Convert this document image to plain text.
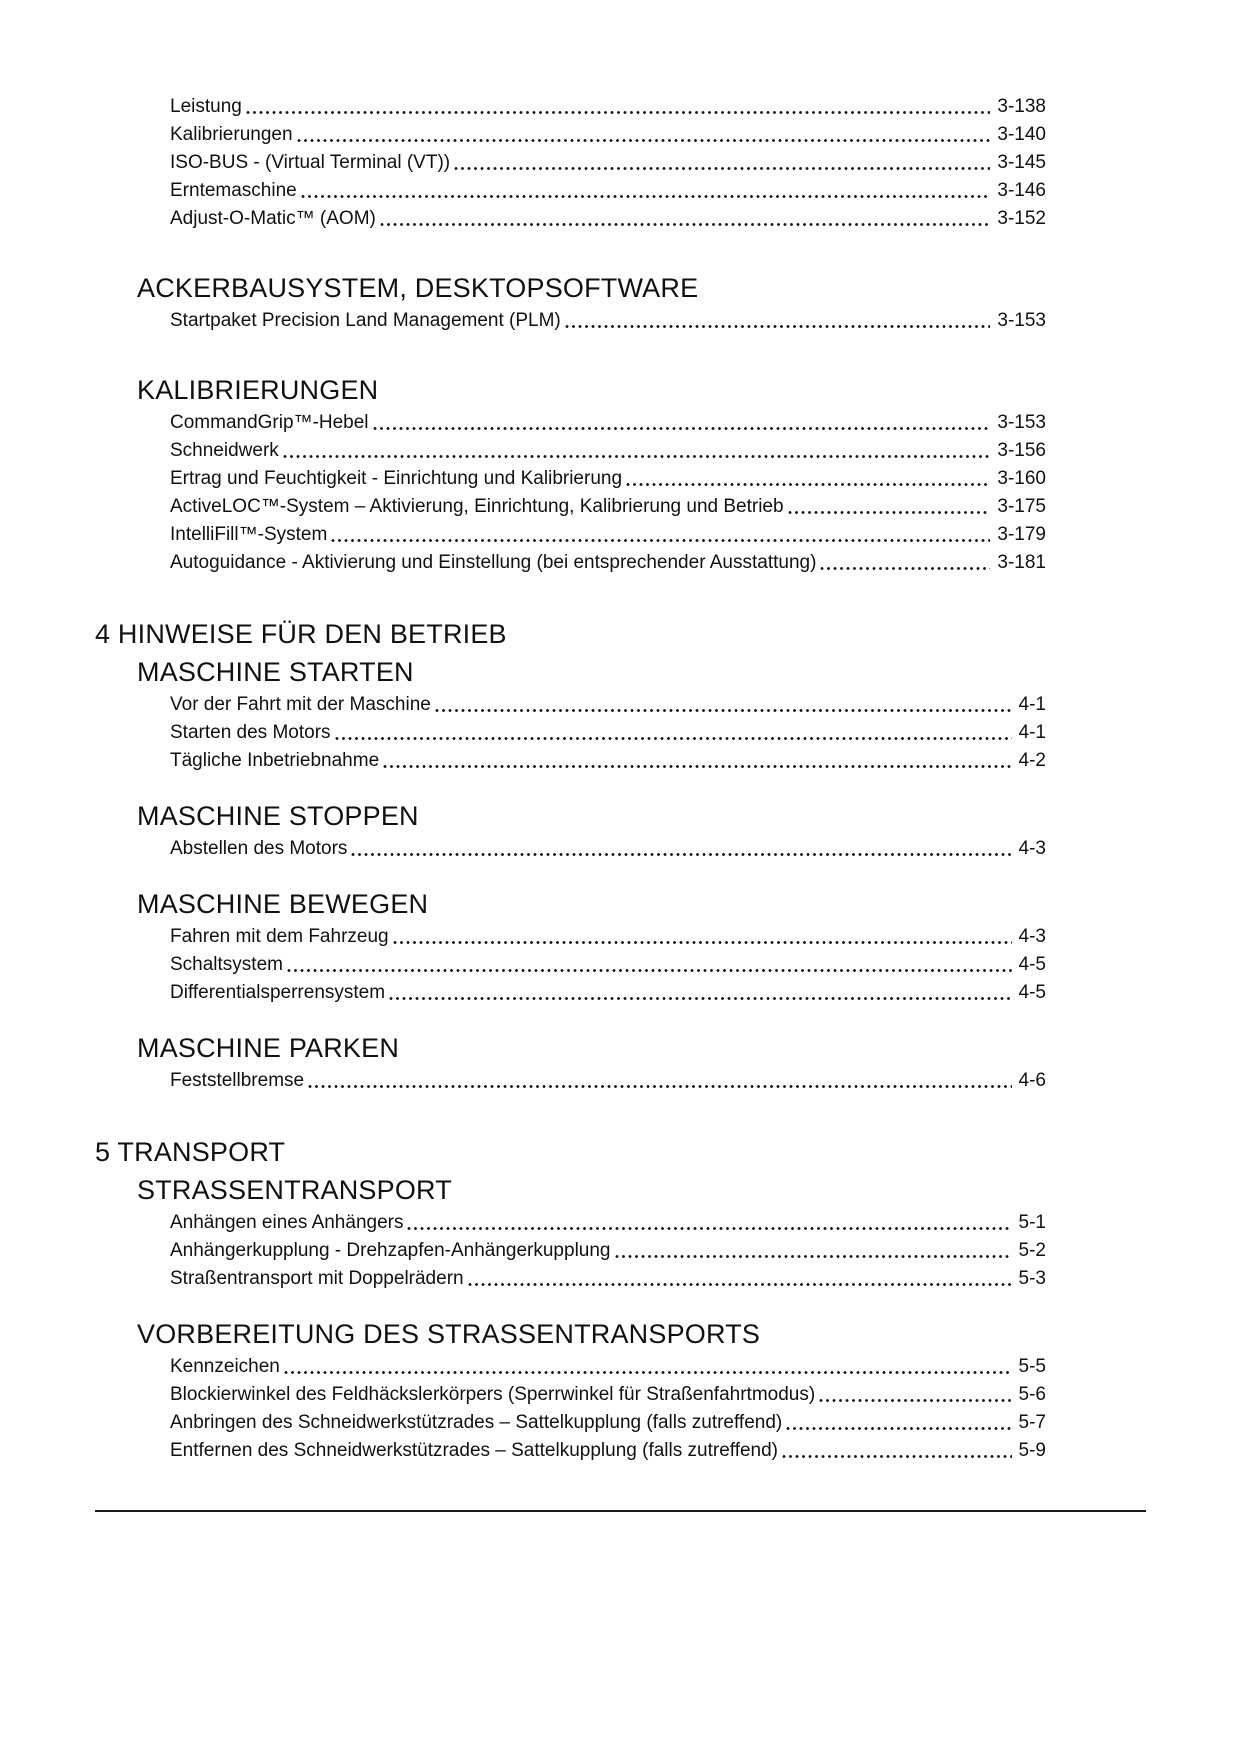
Leistung	3-138
Kalibrierungen	3-140
ISO-BUS - (Virtual Terminal (VT))	3-145
Erntemaschine	3-146
Adjust-O-Matic™ (AOM)	3-152
ACKERBAUSYSTEM, DESKTOPSOFTWARE
Startpaket Precision Land Management (PLM)	3-153
KALIBRIERUNGEN
CommandGrip™-Hebel	3-153
Schneidwerk	3-156
Ertrag und Feuchtigkeit - Einrichtung und Kalibrierung	3-160
ActiveLOC™-System – Aktivierung, Einrichtung, Kalibrierung und Betrieb	3-175
IntelliFill™-System	3-179
Autoguidance - Aktivierung und Einstellung (bei entsprechender Ausstattung)	3-181
4 HINWEISE FÜR DEN BETRIEB
MASCHINE STARTEN
Vor der Fahrt mit der Maschine	4-1
Starten des Motors	4-1
Tägliche Inbetriebnahme	4-2
MASCHINE STOPPEN
Abstellen des Motors	4-3
MASCHINE BEWEGEN
Fahren mit dem Fahrzeug	4-3
Schaltsystem	4-5
Differentialsperrensystem	4-5
MASCHINE PARKEN
Feststellbremse	4-6
5 TRANSPORT
STRASSENTRANSPORT
Anhängen eines Anhängers	5-1
Anhängerkupplung - Drehzapfen-Anhängerkupplung	5-2
Straßentransport mit Doppelrädern	5-3
VORBEREITUNG DES STRASSENTRANSPORTS
Kennzeichen	5-5
Blockierwinkel des Feldhäckslerkörpers (Sperrwinkel für Straßenfahrtmodus)	5-6
Anbringen des Schneidwerkstützrades – Sattelkupplung (falls zutreffend)	5-7
Entfernen des Schneidwerkstützrades – Sattelkupplung (falls zutreffend)	5-9
